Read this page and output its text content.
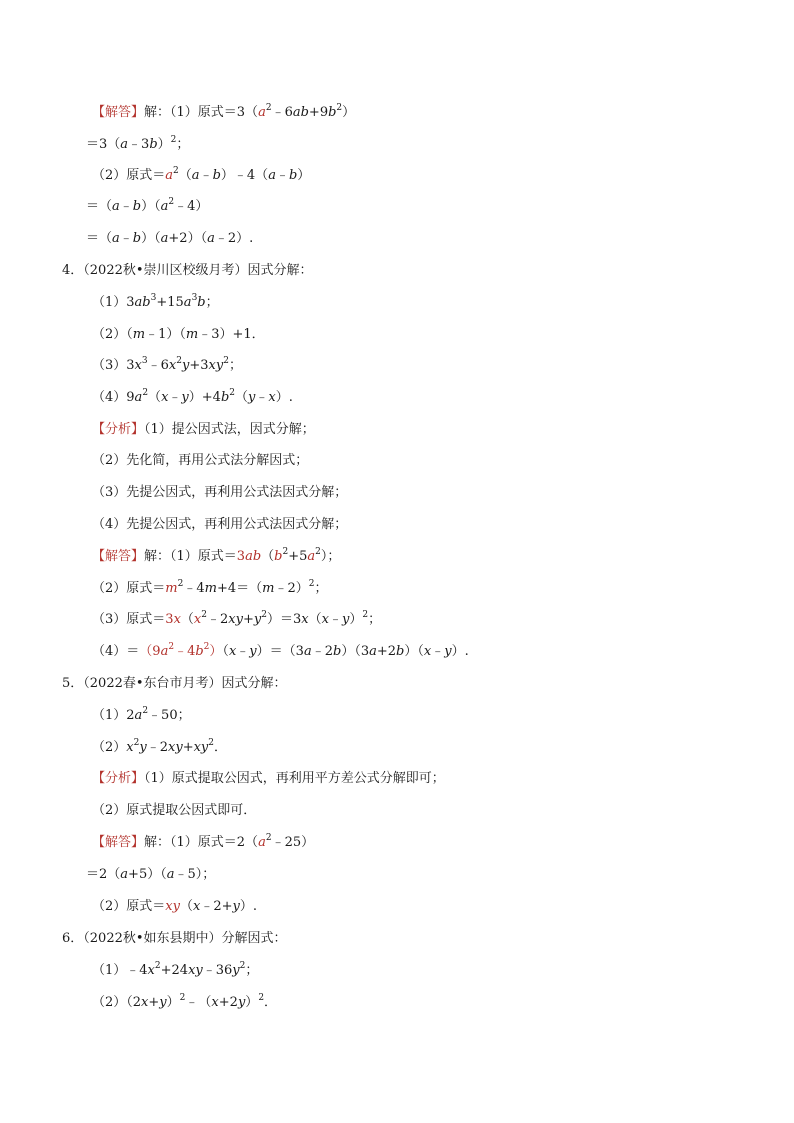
【解答】解：（1）原式$=3(a^2﹣6ab+9b^2)$
＝3（a﹣3b）$^2$；
（2）原式$=a^2(a﹣b)﹣4(a﹣b)$
$=(a﹣b)(a^2﹣4)$
＝（a﹣b）（a+2）（a﹣2）.
4．（2022秋•崇川区校级月考）因式分解：
$(1)3ab^3+15a^3b$；
（2）（m﹣1）（m﹣3）+1．
$(3)3x^3﹣6x^2y+3xy^2$；
$(4)9a^2(x﹣y)+4b^2(y﹣x)$.
【分析】（1）提公因式法，因式分解；
（2）先化简，再用公式法分解因式；
（3）先提公因式，再利用公式法因式分解；
（4）先提公因式，再利用公式法因式分解；
【解答】解：（1）原式$=3ab(b^2+5a^2)$；
（2）原式$=m^2﹣4m+4=(m﹣2)^2$；
（3）原式$=3x(x^2﹣2xy+y^2)=3x(x﹣y)^2$；
$(4)=(9a^2﹣4b^2)(x﹣y)=(3a﹣2b)(3a+2b)(x﹣y)$.
5．（2022春•东台市月考）因式分解：
$(1)2a^2﹣50$；
$(2)x^2y﹣2xy+xy^2$．
【分析】（1）原式提取公因式，再利用平方差公式分解即可；
（2）原式提取公因式即可．
【解答】解：（1）原式$=2(a^2﹣25)$
＝2（a+5）（a﹣5）；
（2）原式＝xy（x﹣2+y）.
6．（2022秋•如东县期中）分解因式：
$(1)﹣4x^2+24xy﹣36y^2$；
$(2)(2x+y)^2﹣(x+2y)^2$．
